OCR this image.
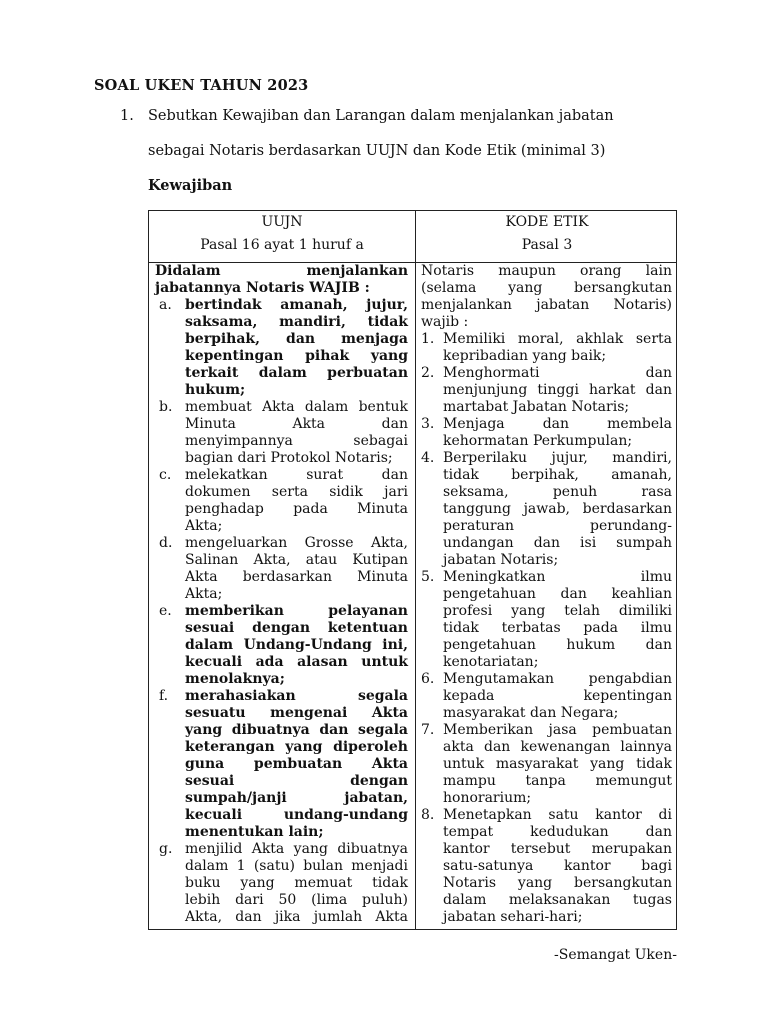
SOAL UKEN TAHUN 2023
1. Sebutkan Kewajiban dan Larangan dalam menjalankan jabatan
sebagai Notaris berdasarkan UUJN dan Kode Etik (minimal 3)
Kewajiban
UUJN
Pasal 16 ayat 1 huruf a
KODE ETIK
Pasal 3
Didalam menjalankan
jabatannya Notaris WAJIB :
a. bertindak amanah, jujur,
saksama, mandiri, tidak
berpihak, dan menjaga
kepentingan pihak yang
terkait dalam perbuatan
hukum;
b. membuat Akta dalam bentuk
Minuta Akta dan
menyimpannya sebagai
bagian dari Protokol Notaris;
c. melekatkan surat dan
dokumen serta sidik jari
penghadap pada Minuta
Akta;
d. mengeluarkan Grosse Akta,
Salinan Akta, atau Kutipan
Akta berdasarkan Minuta
Akta;
e. memberikan pelayanan
sesuai dengan ketentuan
dalam Undang-Undang ini,
kecuali ada alasan untuk
menolaknya;
f. merahasiakan segala
sesuatu mengenai Akta
yang dibuatnya dan segala
keterangan yang diperoleh
guna pembuatan Akta
sesuai dengan
sumpah/janji jabatan,
kecuali undang-undang
menentukan lain;
g. menjilid Akta yang dibuatnya
dalam 1 (satu) bulan menjadi
buku yang memuat tidak
lebih dari 50 (lima puluh)
Akta, dan jika jumlah Akta
Notaris maupun orang lain
(selama yang bersangkutan
menjalankan jabatan Notaris)
wajib :
1. Memiliki moral, akhlak serta
kepribadian yang baik;
2. Menghormati dan
menjunjung tinggi harkat dan
martabat Jabatan Notaris;
3. Menjaga dan membela
kehormatan Perkumpulan;
4. Berperilaku jujur, mandiri,
tidak berpihak, amanah,
seksama, penuh rasa
tanggung jawab, berdasarkan
peraturan perundang-
undangan dan isi sumpah
jabatan Notaris;
5. Meningkatkan ilmu
pengetahuan dan keahlian
profesi yang telah dimiliki
tidak terbatas pada ilmu
pengetahuan hukum dan
kenotariatan;
6. Mengutamakan pengabdian
kepada kepentingan
masyarakat dan Negara;
7. Memberikan jasa pembuatan
akta dan kewenangan lainnya
untuk masyarakat yang tidak
mampu tanpa memungut
honorarium;
8. Menetapkan satu kantor di
tempat kedudukan dan
kantor tersebut merupakan
satu-satunya kantor bagi
Notaris yang bersangkutan
dalam melaksanakan tugas
jabatan sehari-hari;
-Semangat Uken-
